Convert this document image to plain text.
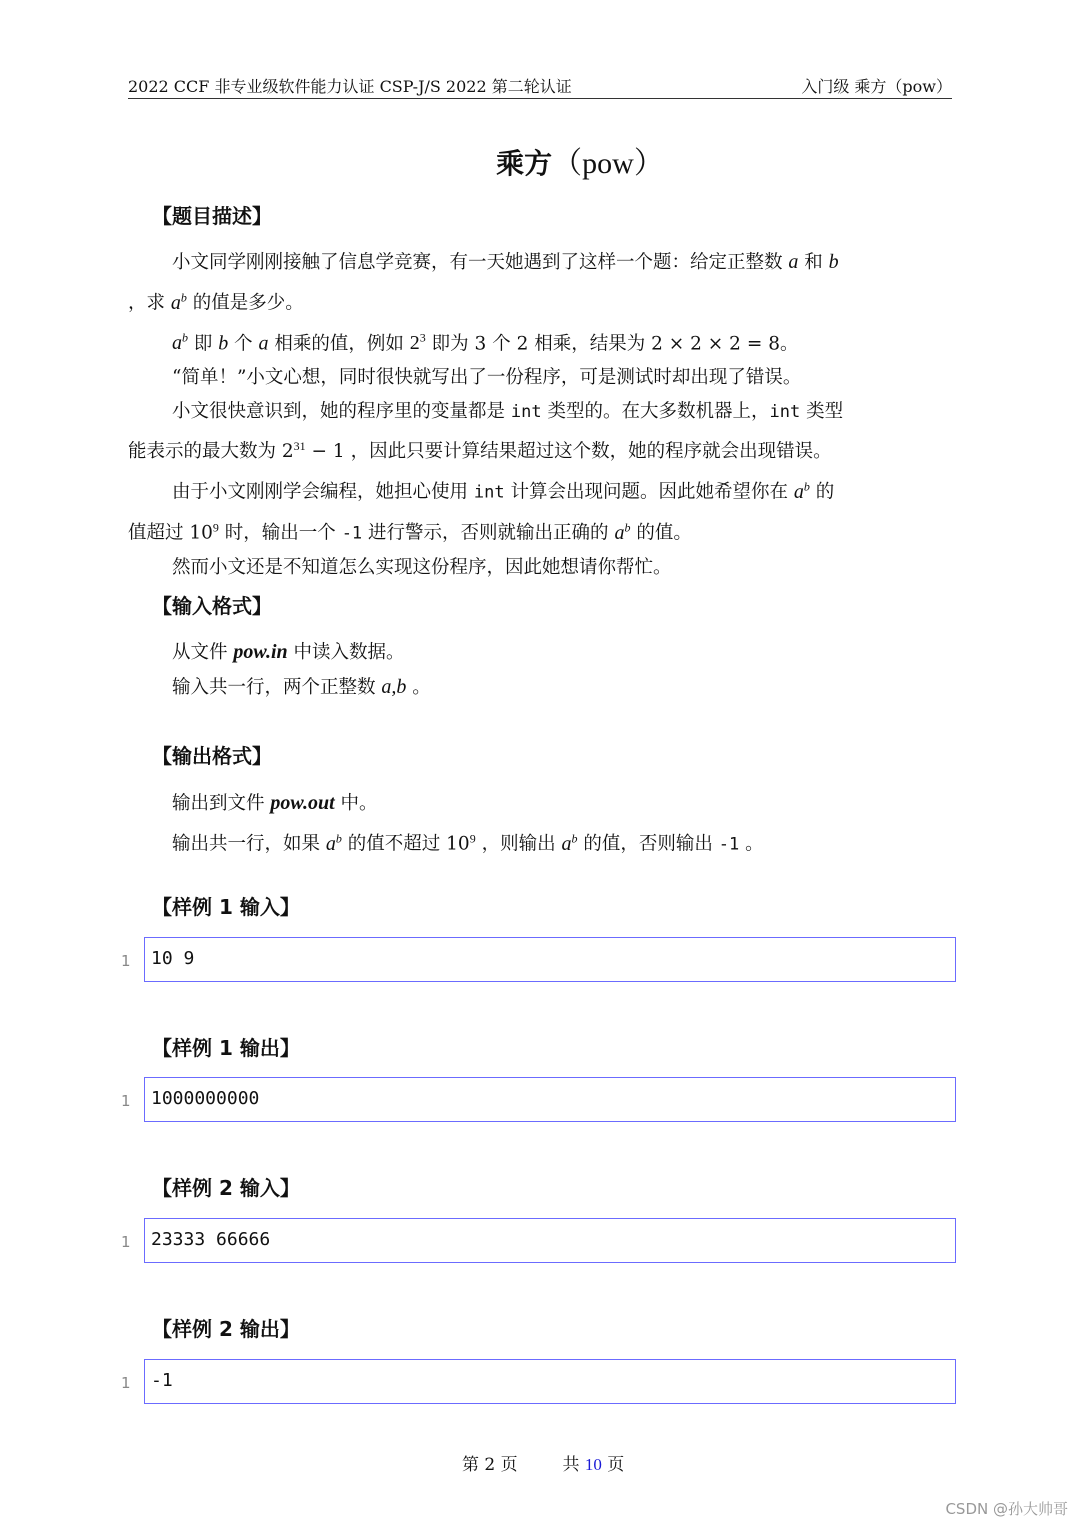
2022 CCF 非专业级软件能力认证 CSP-J/S 2022 第二轮认证	入门级 乘方（pow）
乘方（pow）
【题目描述】
小文同学刚刚接触了信息学竞赛，有一天她遇到了这样一个题：给定正整数 a 和 b
，求 $a^b$ 的值是多少。
$a^b$ 即 b 个 a 相乘的值，例如 $2^3$ 即为 3 个 2 相乘，结果为 2 × 2 × 2 = 8。
“简单！”小文心想，同时很快就写出了一份程序，可是测试时却出现了错误。
小文很快意识到，她的程序里的变量都是 int 类型的。在大多数机器上，int 类型
能表示的最大数为 $2^{31} - 1$ ，因此只要计算结果超过这个数，她的程序就会出现错误。
由于小文刚刚学会编程，她担心使用 int 计算会出现问题。因此她希望你在 $a^b$ 的
值超过 $10^9$ 时，输出一个 -1 进行警示，否则就输出正确的 $a^b$ 的值。
然而小文还是不知道怎么实现这份程序，因此她想请你帮忙。
【输入格式】
从文件 pow.in 中读入数据。
输入共一行，两个正整数 a,b 。
【输出格式】
输出到文件 pow.out 中。
输出共一行，如果 $a^b$ 的值不超过 $10^9$ ，则输出 $a^b$ 的值，否则输出 -1 。
【样例 1 输入】
1 10 9
【样例 1 输出】
1 1000000000
【样例 2 输入】
1 23333 66666
【样例 2 输出】
1 -1
第 2 页	共 10 页
CSDN @孙大帅哥
